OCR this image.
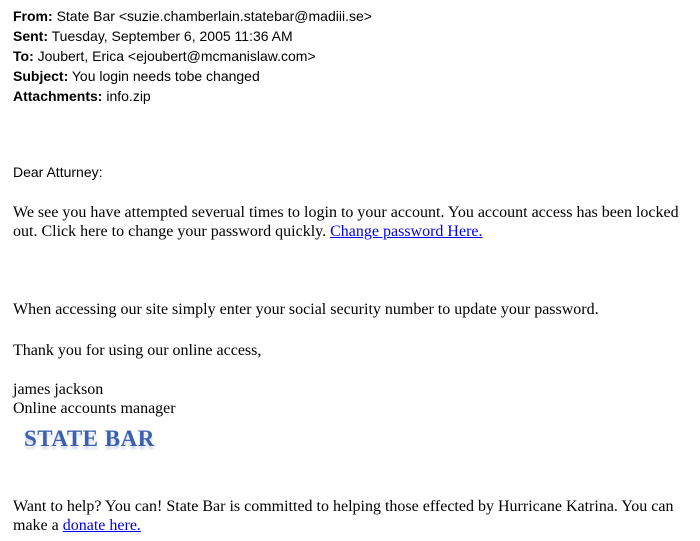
From: State Bar <suzie.chamberlain.statebar@madiii.se>
Sent: Tuesday, September 6, 2005 11:36 AM
To: Joubert, Erica <ejoubert@mcmanislaw.com>
Subject: You login needs tobe changed
Attachments: info.zip
Dear Atturney:
We see you have attempted severual times to login to your account. You account access has been locked out. Click here to change your password quickly. Change password Here.
When accessing our site simply enter your social security number to update your password.
Thank you for using our online access,
james jackson
Online accounts manager
STATE BAR
Want to help? You can! State Bar is committed to helping those effected by Hurricane Katrina. You can make a donate here.
